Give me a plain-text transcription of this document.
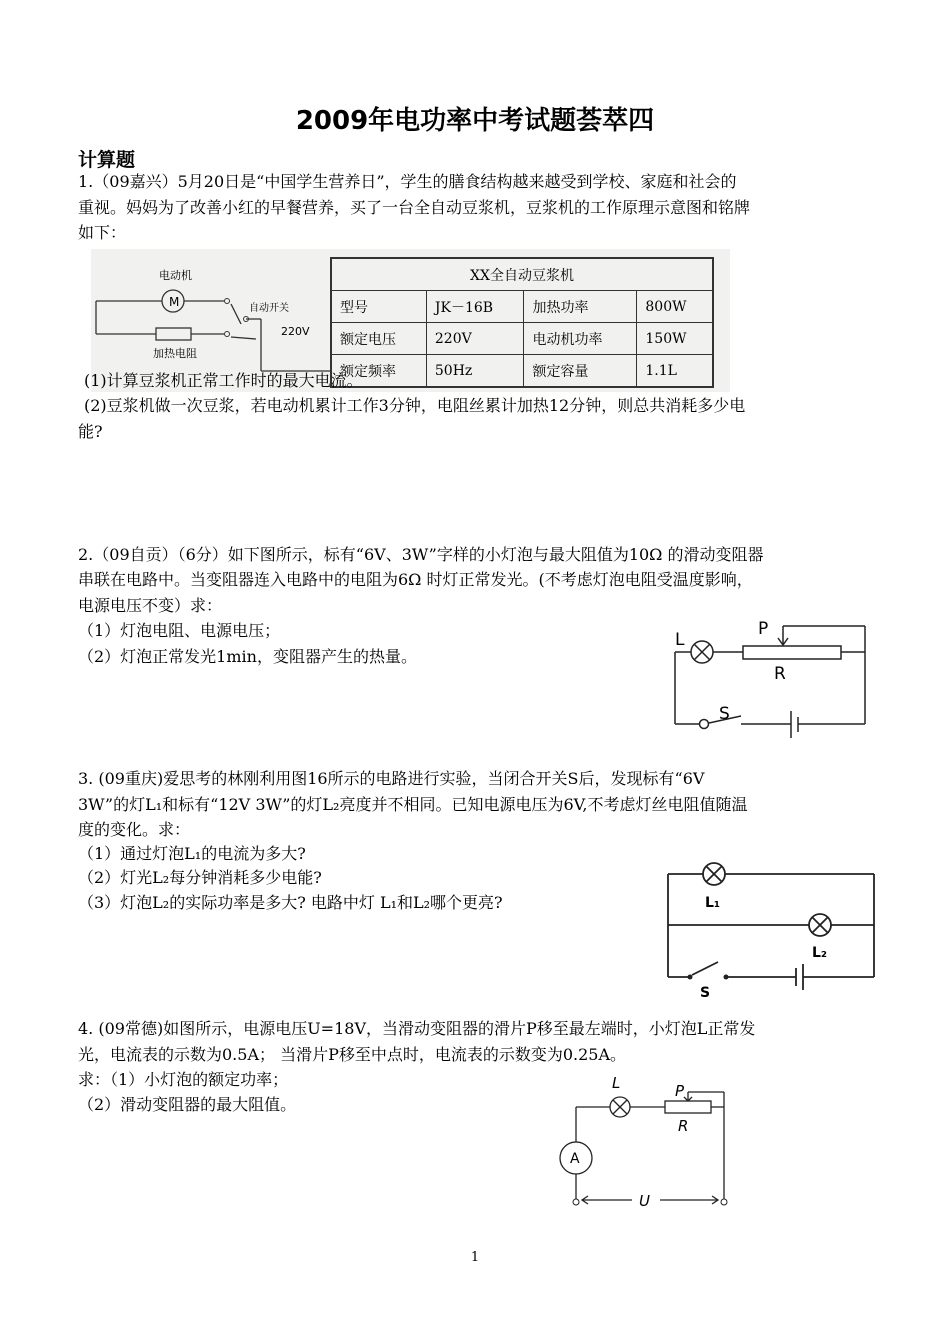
2009年电功率中考试题荟萃四
计算题
1.（09嘉兴）5月20日是“中国学生营养日”，学生的膳食结构越来越受到学校、家庭和社会的
重视。妈妈为了改善小红的早餐营养，买了一台全自动豆浆机，豆浆机的工作原理示意图和铭牌
如下：
电动机
M	自动开关
加热电阻
220V
XX全自动豆浆机			
型号	JK－16B	加热功率	800W
额定电压	220V	电动机功率	150W
额定频率	50Hz	额定容量	1.1L
(1)计算豆浆机正常工作时的最大电流。
(2)豆浆机做一次豆浆，若电动机累计工作3分钟，电阻丝累计加热12分钟，则总共消耗多少电
能?
2.（09自贡）（6分）如下图所示，标有“6V、3W”字样的小灯泡与最大阻值为10Ω 的滑动变阻器
串联在电路中。当变阻器连入电路中的电阻为6Ω 时灯正常发光。(不考虑灯泡电阻受温度影响，
电源电压不变）求：
（1）灯泡电阻、电源电压；
（2）灯泡正常发光1min，变阻器产生的热量。
L
P
R
S
3. (09重庆)爱思考的林刚利用图16所示的电路进行实验，当闭合开关S后，发现标有“6V
3W”的灯L₁和标有“12V 3W”的灯L₂亮度并不相同。已知电源电压为6V,不考虑灯丝电阻值随温
度的变化。求：
（1）通过灯泡L₁的电流为多大?
（2）灯光L₂每分钟消耗多少电能?
（3）灯泡L₂的实际功率是多大? 电路中灯 L₁和L₂哪个更亮?	L₁
L₂
S
4. (09常德)如图所示，电源电压U=18V，当滑动变阻器的滑片P移至最左端时，小灯泡L正常发
光，电流表的示数为0.5A； 当滑片P移至中点时，电流表的示数变为0.25A。
求：（1）小灯泡的额定功率；
（2）滑动变阻器的最大阻值。
L	P
R
A
U
1
